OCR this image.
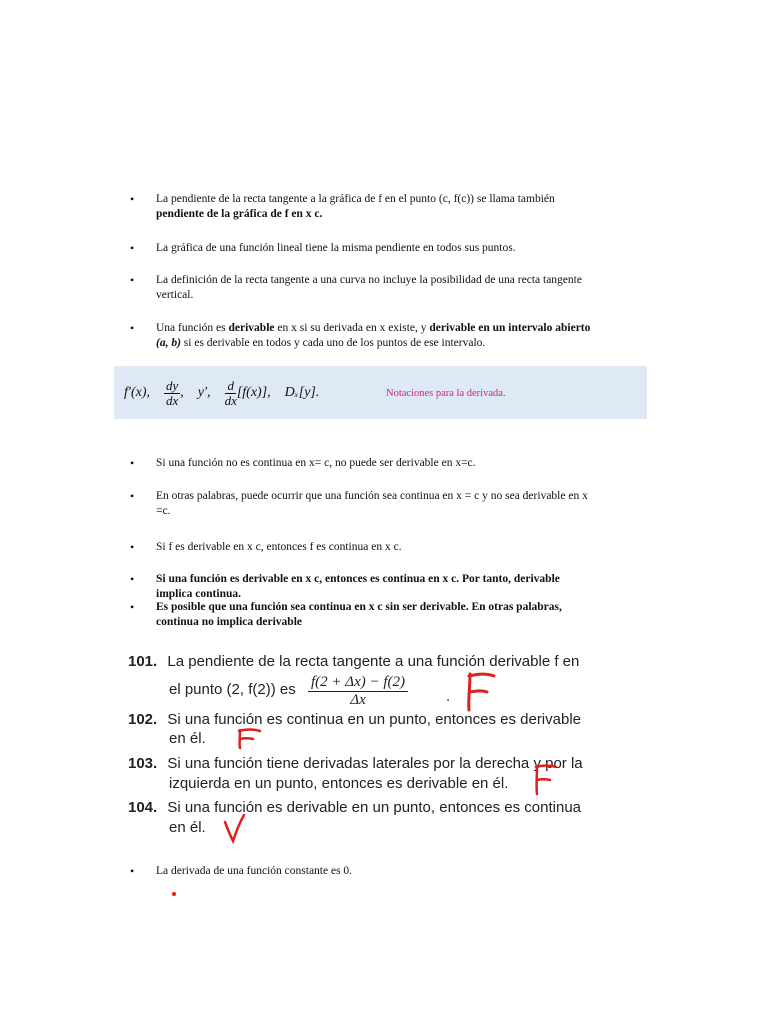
• La pendiente de la recta tangente a la gráfica de f en el punto (c, f(c)) se llama también
pendiente de la gráfica de f en x c.
• La gráfica de una función lineal tiene la misma pendiente en todos sus puntos.
• La definición de la recta tangente a una curva no incluye la posibilidad de una recta tangente
vertical.
• Una función es derivable en x si su derivada en x existe, y derivable en un intervalo abierto
(a, b) si es derivable en todos y cada uno de los puntos de ese intervalo.
f′(x), $\frac{dy}{dx}$ , y′, $\frac{d}{dx} [f(x)]$, Dₓ[y].	Notaciones para la derivada.
• Si una función no es continua en x= c, no puede ser derivable en x=c.
• En otras palabras, puede ocurrir que una función sea continua en x = c y no sea derivable en x
=c.
• Si f es derivable en x c, entonces f es continua en x c.
• Si una función es derivable en x c, entonces es continua en x c. Por tanto, derivable
implica continua.
• Es posible que una función sea continua en x c sin ser derivable. En otras palabras,
continua no implica derivable
101. La pendiente de la recta tangente a una función derivable f en
el punto (2, f(2)) es $\frac{f(2 + \Delta x) - f(2)}{\Delta x}$	.
102. Si una función es continua en un punto, entonces es derivable
en él.
103. Si una función tiene derivadas laterales por la derecha y por la
izquierda en un punto, entonces es derivable en él.
104. Si una función es derivable en un punto, entonces es continua
en él.
• La derivada de una función constante es 0.
